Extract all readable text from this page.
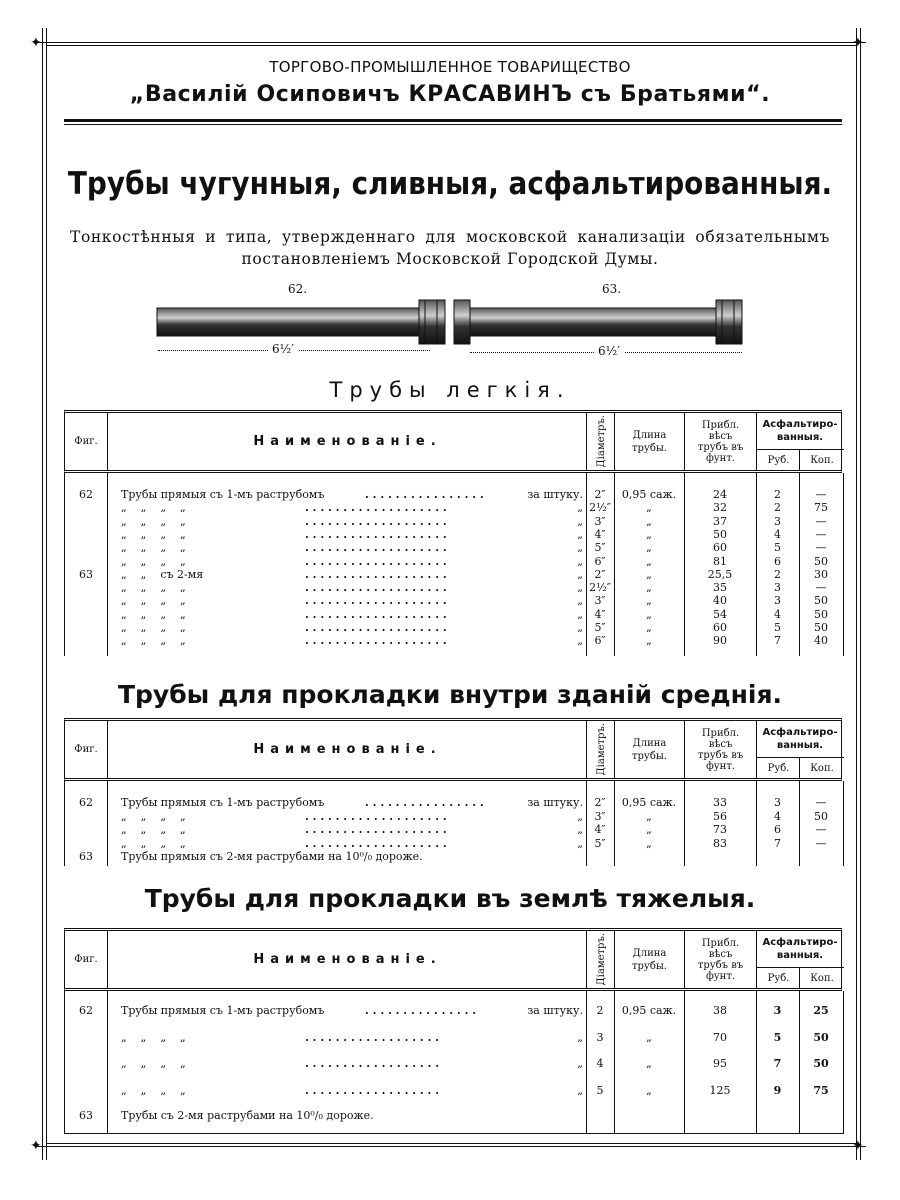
✦	✦
✦	✦
ТОРГОВО-ПРОМЫШЛЕННОЕ ТОВАРИЩЕСТВО
„Василій Осиповичъ КРАСАВИНЪ съ Братьями“.
Трубы чугунныя, сливныя, асфальтированныя.
Тонкостѣнныя и типа, утвержденнаго для московской канализаціи обязательнымъ постановленіемъ Московской Городской Думы.
62.	63.
6½′	6½′
Трубы легкія.
Трубы для прокладки внутри зданій среднія.
Трубы для прокладки въ землѣ тяжелыя.
Фиг.	Наименованіе.	Діаметръ.	Длина трубы.
Прибл. вѣсъ трубъ въ фунт.
Асфальтиро- ванныя.
Руб.	Коп.
62	Трубы прямыя съ 1-мъ раструбомъ	. . . . . . . . . . . . . . . .	за штуку.	2″	0,95 саж.	24	2	—
„    „    „    „	. . . . . . . . . . . . . . . . . . .	„ 2½″	„	32	2	75
„    „    „    „	. . . . . . . . . . . . . . . . . . .	„	3″	„	37	3	—
„    „    „    „	. . . . . . . . . . . . . . . . . . .	„	4″	„	50	4	—
„    „    „    „	. . . . . . . . . . . . . . . . . . .	„	5″	„	60	5	—
„    „    „    „	. . . . . . . . . . . . . . . . . . .	„	6″	„	81	6	50
63	„    „    съ 2-мя	. . . . . . . . . . . . . . . . . . .	„	2″	„	25,5	2	30
„    „    „    „	. . . . . . . . . . . . . . . . . . .	„ 2½″	„	35	3	—
„    „    „    „	. . . . . . . . . . . . . . . . . . .	„	3″	„	40	3	50
„    „    „    „	. . . . . . . . . . . . . . . . . . .	„	4″	„	54	4	50
„    „    „    „	. . . . . . . . . . . . . . . . . . .	„	5″	„	60	5	50
„    „    „    „	. . . . . . . . . . . . . . . . . . .	„	6″	„	90	7	40
Фиг.	Наименованіе.	Діаметръ.	Длина трубы.
Прибл. вѣсъ трубъ въ фунт.
Асфальтиро- ванныя.
Руб.	Коп.
62	Трубы прямыя съ 1-мъ раструбомъ	. . . . . . . . . . . . . . . .	за штуку.	2″	0,95 саж.	33	3	—
„    „    „    „	. . . . . . . . . . . . . . . . . . .	„	3″	„	56	4	50
„    „    „    „	. . . . . . . . . . . . . . . . . . .	„	4″	„	73	6	—
„    „    „    „	. . . . . . . . . . . . . . . . . . .	„	5″	„	83	7	—
63	Трубы прямыя съ 2-мя раструбами на 10⁰/₀ дороже.
Фиг.	Наименованіе.	Діаметръ.	Длина трубы.
Прибл. вѣсъ трубъ въ фунт.
Асфальтиро- ванныя.
Руб.	Коп.
62	Трубы прямыя съ 1-мъ раструбомъ	. . . . . . . . . . . . . . .	за штуку.	2	0,95 саж.	38	3	25
„    „    „    „	. . . . . . . . . . . . . . . . . .	„	3	„	70	5	50
„    „    „    „	. . . . . . . . . . . . . . . . . .	„	4	„	95	7	50
„    „    „    „	. . . . . . . . . . . . . . . . . .	„	5	„	125	9	75
63	Трубы съ 2-мя раструбами на 10⁰/₀ дороже.
